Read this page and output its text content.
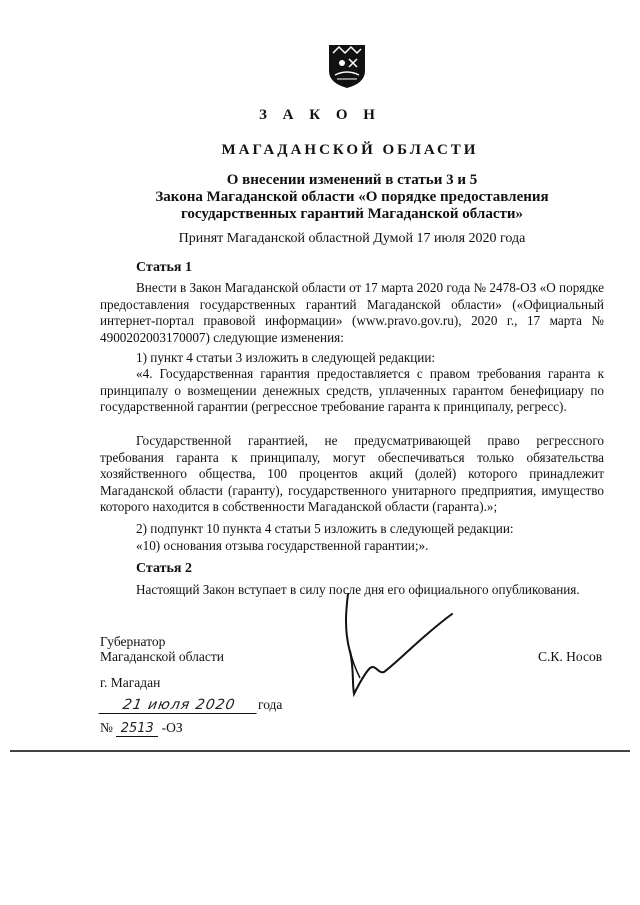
З А К О Н
МАГАДАНСКОЙ ОБЛАСТИ
О внесении изменений в статьи 3 и 5
Закона Магаданской области «О порядке предоставления
государственных гарантий Магаданской области»
Принят Магаданской областной Думой 17 июля 2020 года
Статья 1

Внести в Закон Магаданской области от 17 марта 2020 года № 2478-ОЗ «О порядке предоставления государственных гарантий Магаданской области» («Официальный интернет-портал правовой информации» (www.pravo.gov.ru), 2020 г., 17 марта № 4900202003170007) следующие изменения:

1) пункт 4 статьи 3 изложить в следующей редакции:

«4. Государственная гарантия предоставляется с правом требования гаранта к принципалу о возмещении денежных средств, уплаченных гарантом бенефициару по государственной гарантии (регрессное требование гаранта к принципалу, регресс).

Государственной гарантией, не предусматривающей право регрессного требования гаранта к принципалу, могут обеспечиваться только обязательства хозяйственного общества, 100 процентов акций (долей) которого принадлежит Магаданской области (гаранту), государственного унитарного предприятия, имущество которого находится в собственности Магаданской области (гаранта).»;

2) подпункт 10 пункта 4 статьи 5 изложить в следующей редакции:

«10) основания отзыва государственной гарантии;».

Статья 2

Настоящий Закон вступает в силу после дня его официального опубликования.

Губернатор
Магаданской области	С.К. Носов
г. Магадан
21 июля 2020 года
№ 2513 -ОЗ
